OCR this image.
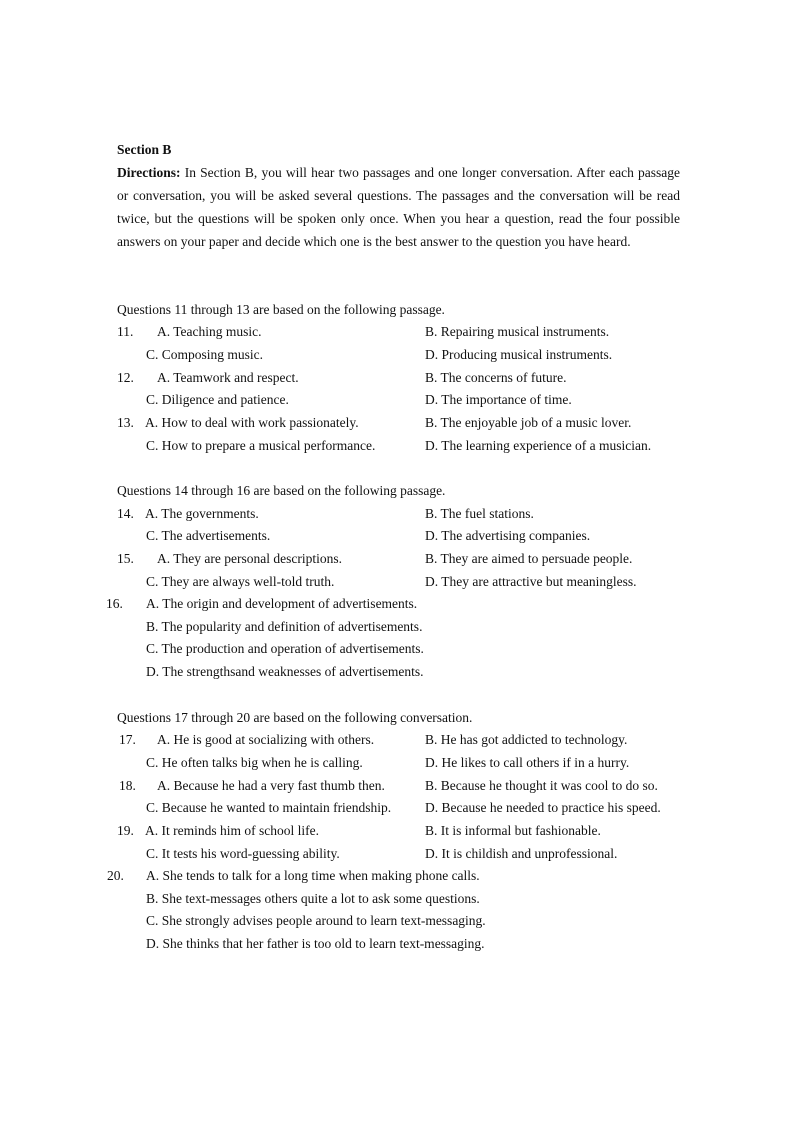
Section B
Directions: In Section B, you will hear two passages and one longer conversation. After each passage or conversation, you will be asked several questions. The passages and the conversation will be read twice, but the questions will be spoken only once. When you hear a question, read the four possible answers on your paper and decide which one is the best answer to the question you have heard.
Questions 11 through 13 are based on the following passage.
11. A. Teaching music.	B. Repairing musical instruments.
C. Composing music.	D. Producing musical instruments.
12. A. Teamwork and respect.	B. The concerns of future.
C. Diligence and patience.	D. The importance of time.
13. A. How to deal with work passionately.	B. The enjoyable job of a music lover.
C. How to prepare a musical performance.	D. The learning experience of a musician.
Questions 14 through 16 are based on the following passage.
14. A. The governments.	B. The fuel stations.
C. The advertisements.	D. The advertising companies.
15. A. They are personal descriptions.	B. They are aimed to persuade people.
C. They are always well-told truth.	D. They are attractive but meaningless.
16. A. The origin and development of advertisements.
B. The popularity and definition of advertisements.
C. The production and operation of advertisements.
D. The strengthsand weaknesses of advertisements.
Questions 17 through 20 are based on the following conversation.
17. A. He is good at socializing with others.	B. He has got addicted to technology.
C. He often talks big when he is calling.	D. He likes to call others if in a hurry.
18. A. Because he had a very fast thumb then.	B. Because he thought it was cool to do so.
C. Because he wanted to maintain friendship.	D. Because he needed to practice his speed.
19. A. It reminds him of school life.	B. It is informal but fashionable.
C. It tests his word-guessing ability.	D. It is childish and unprofessional.
20. A. She tends to talk for a long time when making phone calls.
B. She text-messages others quite a lot to ask some questions.
C. She strongly advises people around to learn text-messaging.
D. She thinks that her father is too old to learn text-messaging.
